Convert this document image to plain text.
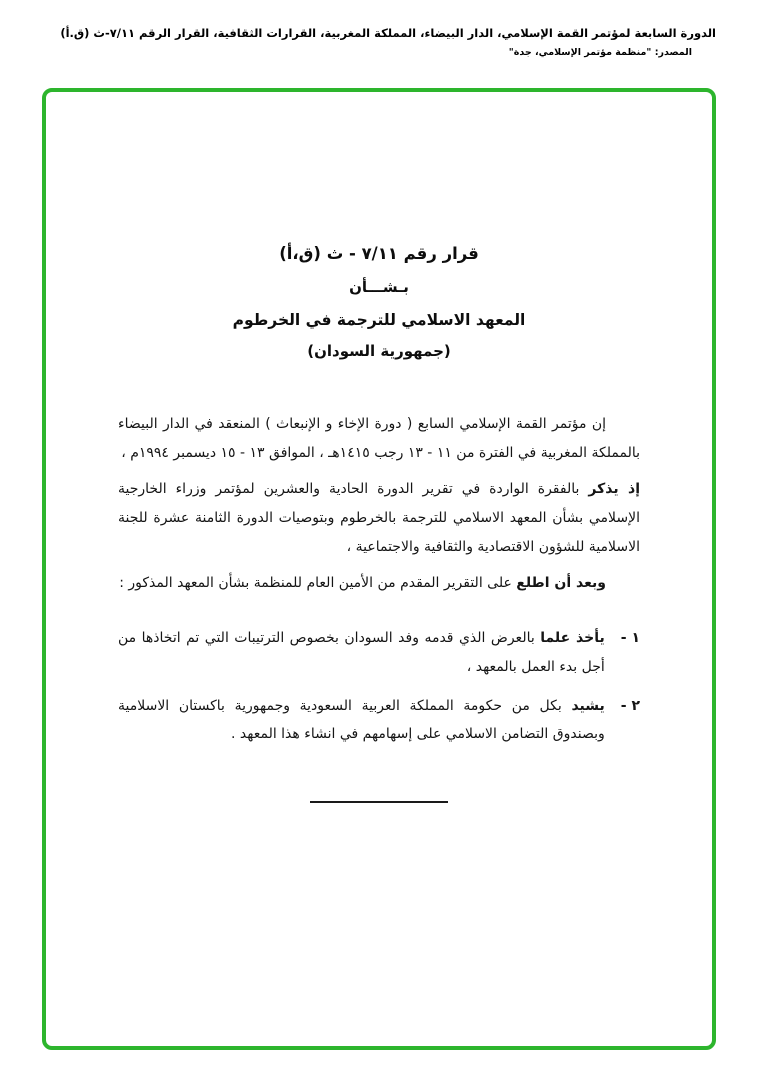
الدورة السابعة لمؤتمر القمة الإسلامي، الدار البيضاء، المملكة المغربية، القرارات الثقافية، القرار الرقم ٧/١١-ث (ق.أ)
المصدر: "منظمة مؤتمر الإسلامي، جدة"
قرار رقم ٧/١١ - ث (ق،أ)
بـشـــأن
المعهد الاسلامي للترجمة في الخرطوم
(جمهورية السودان)

إن مؤتمر القمة الإسلامي السابع ( دورة الإخاء و الإنبعاث ) المنعقد في الدار البيضاء بالمملكة المغربية في الفترة من ١١ - ١٣ رجب ١٤١٥هـ ، الموافق ١٣ - ١٥ ديسمبر ١٩٩٤م ،

إذ يذكر بالفقرة الواردة في تقرير الدورة الحادية والعشرين لمؤتمر وزراء الخارجية الإسلامي بشأن المعهد الاسلامي للترجمة بالخرطوم وبتوصيات الدورة الثامنة عشرة للجنة الاسلامية للشؤون الاقتصادية والثقافية والاجتماعية ،

وبعد أن اطلع على التقرير المقدم من الأمين العام للمنظمة بشأن المعهد المذكور :

١ -
يأخذ علما بالعرض الذي قدمه وفد السودان بخصوص الترتيبات التي تم اتخاذها من أجل بدء العمل بالمعهد ،
٢ -
يشيد بكل من حكومة المملكة العربية السعودية وجمهورية باكستان الاسلامية وبصندوق التضامن الاسلامي على إسهامهم في انشاء هذا المعهد .
